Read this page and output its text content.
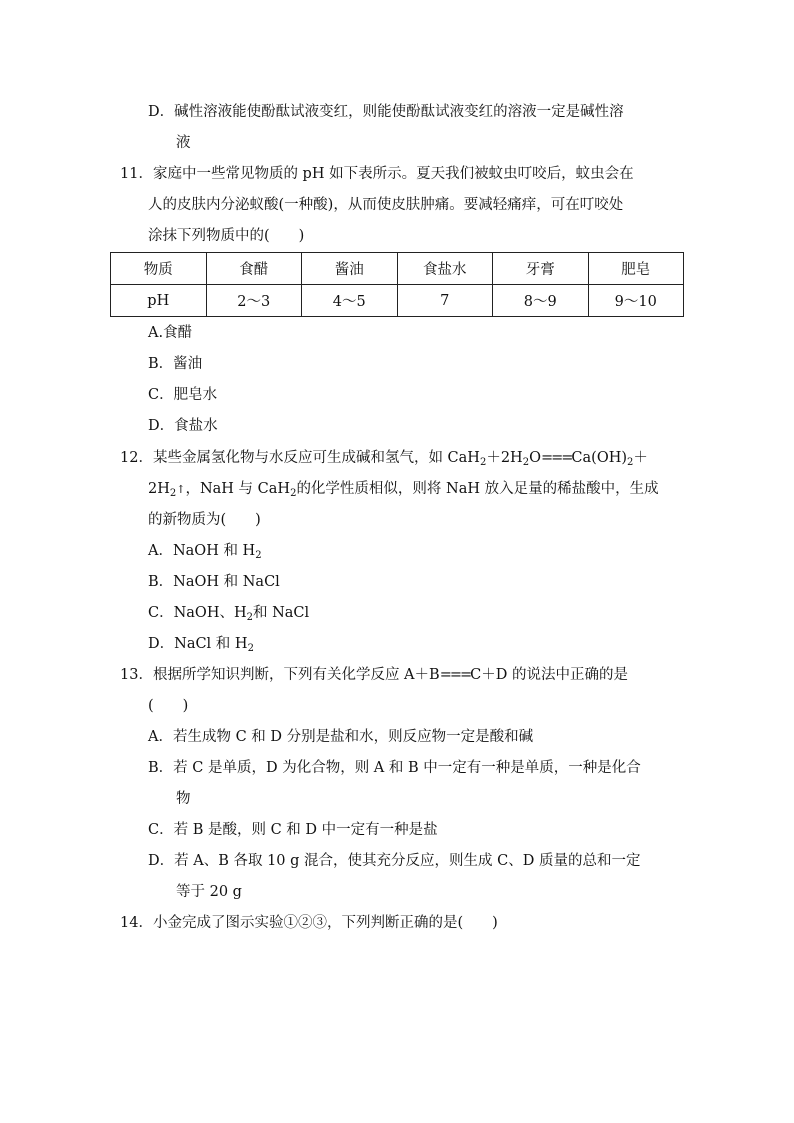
D．碱性溶液能使酚酞试液变红，则能使酚酞试液变红的溶液一定是碱性溶
液
11．家庭中一些常见物质的 pH 如下表所示。夏天我们被蚊虫叮咬后，蚊虫会在
人的皮肤内分泌蚁酸(一种酸)，从而使皮肤肿痛。要减轻痛痒，可在叮咬处
涂抹下列物质中的(　　)
物质	食醋	酱油	食盐水	牙膏	肥皂
pH	2～3	4～5	7	8～9	9～10
A.食醋
B．酱油
C．肥皂水
D．食盐水
12．某些金属氢化物与水反应可生成碱和氢气，如 $CaH_2+2H_2O===Ca(OH)_2+$
$2H_2↑$，NaH 与 CaH$_2$的化学性质相似，则将 NaH 放入足量的稀盐酸中，生成
的新物质为(　　)
A．NaOH 和 $H_2$
B．NaOH 和 NaCl
C．NaOH、$H_2$和 NaCl
D．NaCl 和 $H_2$
13．根据所学知识判断，下列有关化学反应 A＋B===C＋D 的说法中正确的是
(　　)
A．若生成物 C 和 D 分别是盐和水，则反应物一定是酸和碱
B．若 C 是单质，D 为化合物，则 A 和 B 中一定有一种是单质，一种是化合
物
C．若 B 是酸，则 C 和 D 中一定有一种是盐
D．若 A、B 各取 10 g 混合，使其充分反应，则生成 C、D 质量的总和一定
等于 20 g
14．小金完成了图示实验①②③，下列判断正确的是(　　)
